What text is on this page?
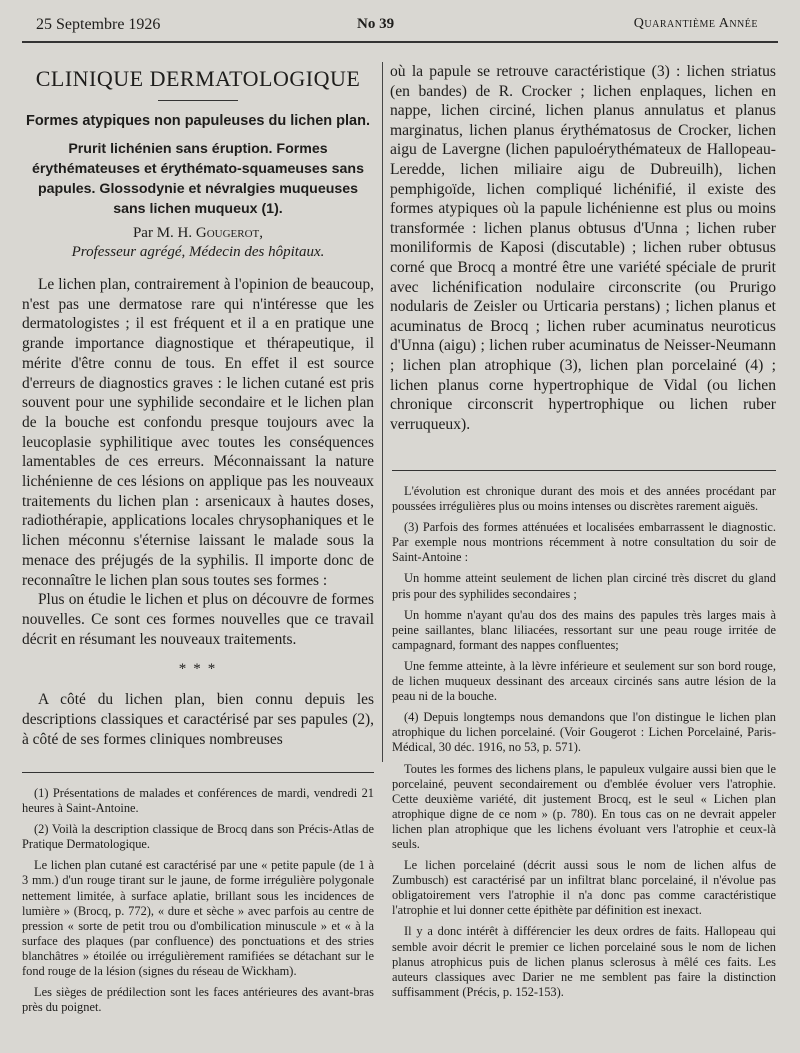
25 Septembre 1926	No 39	Quarantième Année
CLINIQUE DERMATOLOGIQUE
Formes atypiques non papuleuses du lichen plan.
Prurit lichénien sans éruption. Formes érythémateuses et érythémato-squameuses sans papules. Glossodynie et névralgies muqueuses sans lichen muqueux (1).
Par M. H. Gougerot,
Professeur agrégé, Médecin des hôpitaux.

Le lichen plan, contrairement à l'opinion de beaucoup, n'est pas une dermatose rare qui n'intéresse que les dermatologistes ; il est fréquent et il a en pratique une grande importance diagnostique et thérapeutique, il mérite d'être connu de tous. En effet il est source d'erreurs de diagnostics graves : le lichen cutané est pris souvent pour une syphilide secondaire et le lichen plan de la bouche est confondu presque toujours avec la leucoplasie syphilitique avec toutes les conséquences lamentables de ces erreurs. Méconnaissant la nature lichénienne de ces lésions on applique pas les nouveaux traitements du lichen plan : arsenicaux à hautes doses, radiothérapie, applications locales chrysophaniques et le lichen méconnu s'éternise laissant le malade sous la menace des préjugés de la syphilis. Il importe donc de reconnaître le lichen plan sous toutes ses formes :

Plus on étudie le lichen et plus on découvre de formes nouvelles. Ce sont ces formes nouvelles que ce travail décrit en résumant les nouveaux traitements.

* * *

A côté du lichen plan, bien connu depuis les descriptions classiques et caractérisé par ses papules (2), à côté de ses formes cliniques nombreuses

où la papule se retrouve caractéristique (3) : lichen striatus (en bandes) de R. Crocker ; lichen enplaques, lichen en nappe, lichen circiné, lichen planus annulatus et planus marginatus, lichen planus érythématosus de Crocker, lichen aigu de Lavergne (lichen papuloérythémateux de Hallopeau-Leredde, lichen miliaire aigu de Dubreuilh), lichen pemphigoïde, lichen compliqué lichénifié, il existe des formes atypiques où la papule lichénienne est plus ou moins transformée : lichen planus obtusus d'Unna ; lichen ruber moniliformis de Kaposi (discutable) ; lichen ruber obtusus corné que Brocq a montré être une variété spéciale de prurit avec lichénification nodulaire circonscrite (ou Prurigo nodularis de Zeisler ou Urticaria perstans) ; lichen planus et acuminatus de Brocq ; lichen ruber acuminatus neuroticus d'Unna (aigu) ; lichen ruber acuminatus de Neisser-Neumann ; lichen plan atrophique (3), lichen plan porcelainé (4) ; lichen planus corne hypertrophique de Vidal (ou lichen chronique circonscrit hypertrophique ou lichen ruber verruqueux).

L'évolution est chronique durant des mois et des années procédant par poussées irrégulières plus ou moins intenses ou discrètes rarement aiguës.

(3) Parfois des formes atténuées et localisées embarrassent le diagnostic. Par exemple nous montrions récemment à notre consultation du soir de Saint-Antoine :

Un homme atteint seulement de lichen plan circiné très discret du gland pris pour des syphilides secondaires ;

Un homme n'ayant qu'au dos des mains des papules très larges mais à peine saillantes, blanc liliacées, ressortant sur une peau rouge irritée de campagnard, formant des nappes confluentes;

Une femme atteinte, à la lèvre inférieure et seulement sur son bord rouge, de lichen muqueux dessinant des arceaux circinés sans autre lésion de la peau ni de la bouche.

(4) Depuis longtemps nous demandons que l'on distingue le lichen plan atrophique du lichen porcelainé. (Voir Gougerot : Lichen Porcelainé, Paris-Médical, 30 déc. 1916, no 53, p. 571).

Toutes les formes des lichens plans, le papuleux vulgaire aussi bien que le porcelainé, peuvent secondairement ou d'emblée évoluer vers l'atrophie. Cette deuxième variété, dit justement Brocq, est le seul « Lichen plan atrophique digne de ce nom » (p. 780). En tous cas on ne devrait appeler lichen plan atrophique que les lichens évoluant vers l'atrophie et ceux-là seuls.

Le lichen porcelainé (décrit aussi sous le nom de lichen alfus de Zumbusch) est caractérisé par un infiltrat blanc porcelainé, il n'évolue pas obligatoirement vers l'atrophie il n'a donc pas comme caractéristique l'atrophie et lui donner cette épithète par définition est inexact.

Il y a donc intérêt à différencier les deux ordres de faits. Hallopeau qui semble avoir décrit le premier ce lichen porcelainé sous le nom de lichen planus atrophicus puis de lichen planus sclerosus à mêlé ces faits. Les auteurs classiques avec Darier ne me semblent pas faire la distinction suffisamment (Précis, p. 152-153).

(1) Présentations de malades et conférences de mardi, vendredi 21 heures à Saint-Antoine.

(2) Voilà la description classique de Brocq dans son Précis-Atlas de Pratique Dermatologique.

Le lichen plan cutané est caractérisé par une « petite papule (de 1 à 3 mm.) d'un rouge tirant sur le jaune, de forme irrégulière polygonale nettement limitée, à surface aplatie, brillant sous les incidences de lumière » (Brocq, p. 772), « dure et sèche » avec parfois au centre de pression « sorte de petit trou ou d'ombilication minuscule » et « à la surface des plaques (par confluence) des ponctuations et des stries blanchâtres » étoilée ou irrégulièrement ramifiées se détachant sur le fond rouge de la lésion (signes du réseau de Wickham).

Les sièges de prédilection sont les faces antérieures des avant-bras près du poignet.
